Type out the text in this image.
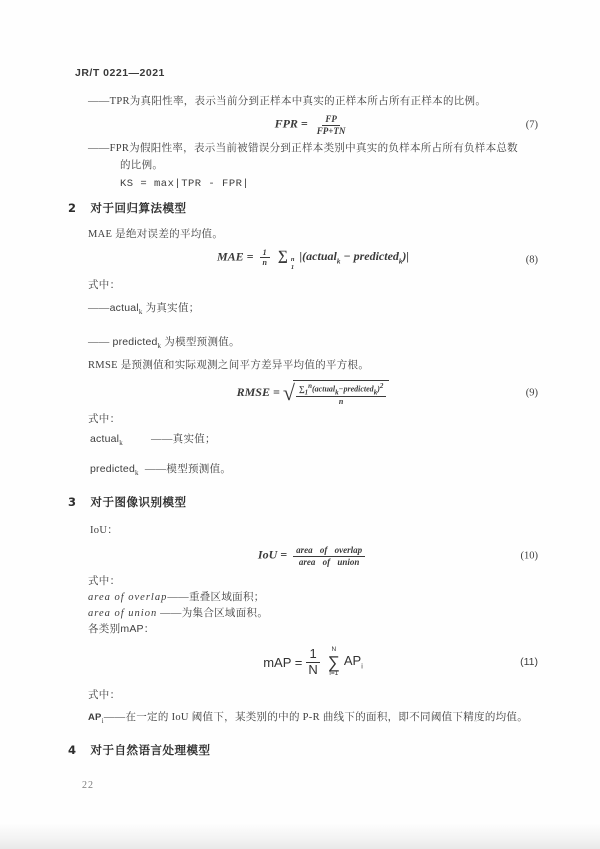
JR/T 0221—2021
——TPR为真阳性率，表示当前分到正样本中真实的正样本所占所有正样本的比例。
FPR = $\frac{FP}{FP+TN}$	(7)
——FPR为假阳性率，表示当前被错误分到正样本类别中真实的负样本所占所有负样本总数
的比例。
KS = max|TPR - FPR|
2 对于回归算法模型
MAE 是绝对误差的平均值。
MAE = $\frac{1}{n}$ ∑ n
1
|(actual$_k$ − predicted$_k$)|	(8)
式中：
——actual$_k$ 为真实值；
—— predicted$_k$ 为模型预测值。
RMSE 是预测值和实际观测之间平方差异平均值的平方根。
RMSE = √ $\frac{\sum_1^n(actual_k-predicted_k)^2}{n}$	(9)
式中：
actual$_k$	——真实值；
predicted$_k$ ——模型预测值。
3 对于图像识别模型
IoU：
IoU = $\frac{\text{area of overlap}}{\text{area of union}}$	(10)
式中：
area of overlap——重叠区域面积；
area of union ——为集合区域面积。
各类别mAP：
mAP = $\frac{1}{N}$ N
∑
i=1
$AP_i$	(11)
式中：
$AP_i——$在一定的 IoU 阈值下，某类别的中的 P-R 曲线下的面积，即不同阈值下精度的均值。
4 对于自然语言处理模型
22
